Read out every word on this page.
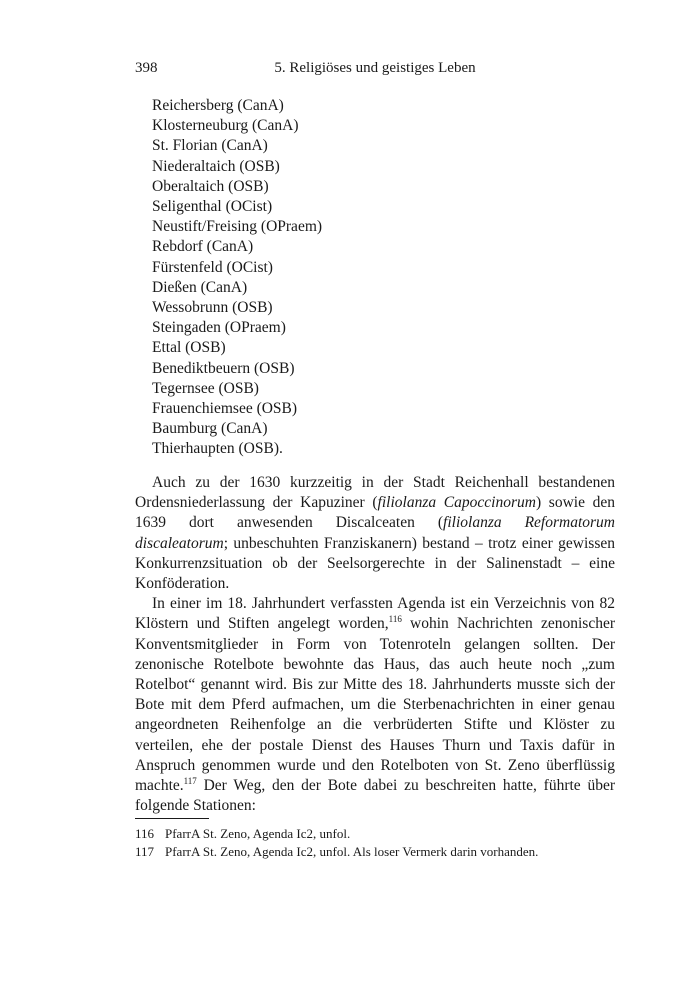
398	5. Religiöses und geistiges Leben
Reichersberg (CanA)
Klosterneuburg (CanA)
St. Florian (CanA)
Niederaltaich (OSB)
Oberaltaich (OSB)
Seligenthal (OCist)
Neustift/Freising (OPraem)
Rebdorf (CanA)
Fürstenfeld (OCist)
Dießen (CanA)
Wessobrunn (OSB)
Steingaden (OPraem)
Ettal (OSB)
Benediktbeuern (OSB)
Tegernsee (OSB)
Frauenchiemsee (OSB)
Baumburg (CanA)
Thierhaupten (OSB).

Auch zu der 1630 kurzzeitig in der Stadt Reichenhall bestandenen Ordensniederlassung der Kapuziner (filiolanza Capoccinorum) sowie den 1639 dort anwesenden Discalceaten (filiolanza Reformatorum discaleatorum; unbeschuhten Franziskanern) bestand – trotz einer gewissen Konkurrenzsituation ob der Seelsorgerechte in der Salinenstadt – eine Konföderation.

In einer im 18. Jahrhundert verfassten Agenda ist ein Verzeichnis von 82 Klöstern und Stiften angelegt worden,$^{116}$ wohin Nachrichten zenonischer Konventsmitglieder in Form von Totenroteln gelangen sollten. Der zenonische Rotelbote bewohnte das Haus, das auch heute noch „zum Rotelbot“ genannt wird. Bis zur Mitte des 18. Jahrhunderts musste sich der Bote mit dem Pferd aufmachen, um die Sterbenachrichten in einer genau angeordneten Reihenfolge an die verbrüderten Stifte und Klöster zu verteilen, ehe der postale Dienst des Hauses Thurn und Taxis dafür in Anspruch genommen wurde und den Rotelboten von St. Zeno überflüssig machte.$^{117}$ Der Weg, den der Bote dabei zu beschreiten hatte, führte über folgende Stationen:

116 PfarrA St. Zeno, Agenda Ic2, unfol.
117 PfarrA St. Zeno, Agenda Ic2, unfol. Als loser Vermerk darin vorhanden.
